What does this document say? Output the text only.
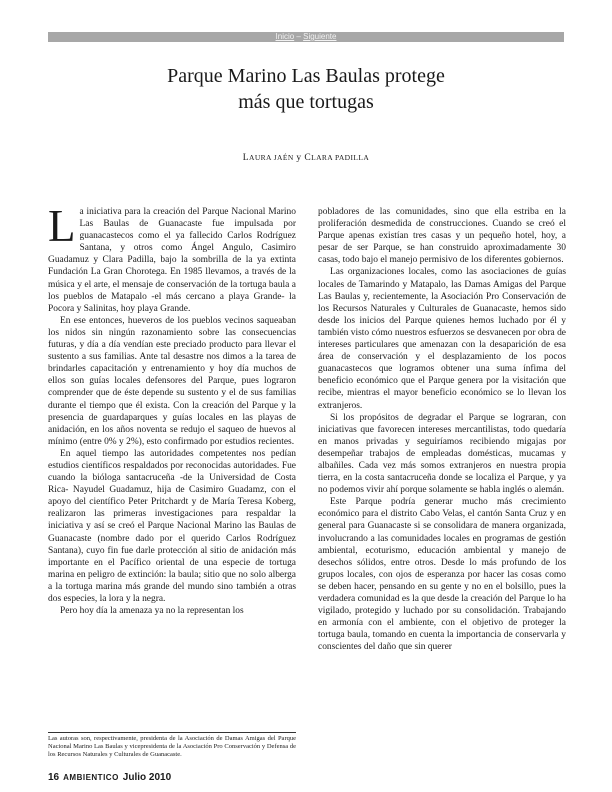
Inicio – Siguiente
Parque Marino Las Baulas protege
más que tortugas
LAURA JAÉN y CLARA PADILLA

La iniciativa para la creación del Parque Nacional Marino Las Baulas de Guanacaste fue impulsada por guanacastecos como el ya fallecido Carlos Rodríguez Santana, y otros como Ángel Angulo, Casimiro Guadamuz y Clara Padilla, bajo la sombrilla de la ya extinta Fundación La Gran Chorotega. En 1985 llevamos, a través de la música y el arte, el mensaje de conservación de la tortuga baula a los pueblos de Matapalo -el más cercano a playa Grande- la Pocora y Salinitas, hoy playa Grande.

En ese entonces, hueveros de los pueblos vecinos saqueaban los nidos sin ningún razonamiento sobre las consecuencias futuras, y día a día vendían este preciado producto para llevar el sustento a sus familias. Ante tal desastre nos dimos a la tarea de brindarles capacitación y entrenamiento y hoy día muchos de ellos son guías locales defensores del Parque, pues lograron comprender que de éste depende su sustento y el de sus familias durante el tiempo que él exista. Con la creación del Parque y la presencia de guardaparques y guías locales en las playas de anidación, en los años noventa se redujo el saqueo de huevos al mínimo (entre 0% y 2%), esto confirmado por estudios recientes.

En aquel tiempo las autoridades competentes nos pedían estudios científicos respaldados por reconocidas autoridades. Fue cuando la bióloga santacruceña -de la Universidad de Costa Rica- Nayudel Guadamuz, hija de Casimiro Guadamz, con el apoyo del científico Peter Pritchardt y de María Teresa Koberg, realizaron las primeras investigaciones para respaldar la iniciativa y así se creó el Parque Nacional Marino las Baulas de Guanacaste (nombre dado por el querido Carlos Rodríguez Santana), cuyo fin fue darle protección al sitio de anidación más importante en el Pacífico oriental de una especie de tortuga marina en peligro de extinción: la baula; sitio que no solo alberga a la tortuga marina más grande del mundo sino también a otras dos especies, la lora y la negra.

Pero hoy día la amenaza ya no la representan los

pobladores de las comunidades, sino que ella estriba en la proliferación desmedida de construcciones. Cuando se creó el Parque apenas existían tres casas y un pequeño hotel, hoy, a pesar de ser Parque, se han construido aproximadamente 30 casas, todo bajo el manejo permisivo de los diferentes gobiernos.

Las organizaciones locales, como las asociaciones de guías locales de Tamarindo y Matapalo, las Damas Amigas del Parque Las Baulas y, recientemente, la Asociación Pro Conservación de los Recursos Naturales y Culturales de Guanacaste, hemos sido desde los inicios del Parque quienes hemos luchado por él y también visto cómo nuestros esfuerzos se desvanecen por obra de intereses particulares que amenazan con la desaparición de esa área de conservación y el desplazamiento de los pocos guanacastecos que logramos obtener una suma ínfima del beneficio económico que el Parque genera por la visitación que recibe, mientras el mayor beneficio económico se lo llevan los extranjeros.

Si los propósitos de degradar el Parque se lograran, con iniciativas que favorecen intereses mercantilistas, todo quedaría en manos privadas y seguiríamos recibiendo migajas por desempeñar trabajos de empleadas domésticas, mucamas y albañiles. Cada vez más somos extranjeros en nuestra propia tierra, en la costa santacruceña donde se localiza el Parque, y ya no podemos vivir ahí porque solamente se habla inglés o alemán.

Este Parque podría generar mucho más crecimiento económico para el distrito Cabo Velas, el cantón Santa Cruz y en general para Guanacaste si se consolidara de manera organizada, involucrando a las comunidades locales en programas de gestión ambiental, ecoturismo, educación ambiental y manejo de desechos sólidos, entre otros. Desde lo más profundo de los grupos locales, con ojos de esperanza por hacer las cosas como se deben hacer, pensando en su gente y no en el bolsillo, pues la verdadera comunidad es la que desde la creación del Parque lo ha vigilado, protegido y luchado por su consolidación. Trabajando en armonía con el ambiente, con el objetivo de proteger la tortuga baula, tomando en cuenta la importancia de conservarla y conscientes del daño que sin querer

Las autoras son, respectivamente, presidenta de la Asociación de Damas Amigas del Parque Nacional Marino Las Baulas y vicepresidenta de la Asociación Pro Conservación y Defensa de los Recursos Naturales y Culturales de Guanacaste.
16 AMBIENTICO Julio 2010
